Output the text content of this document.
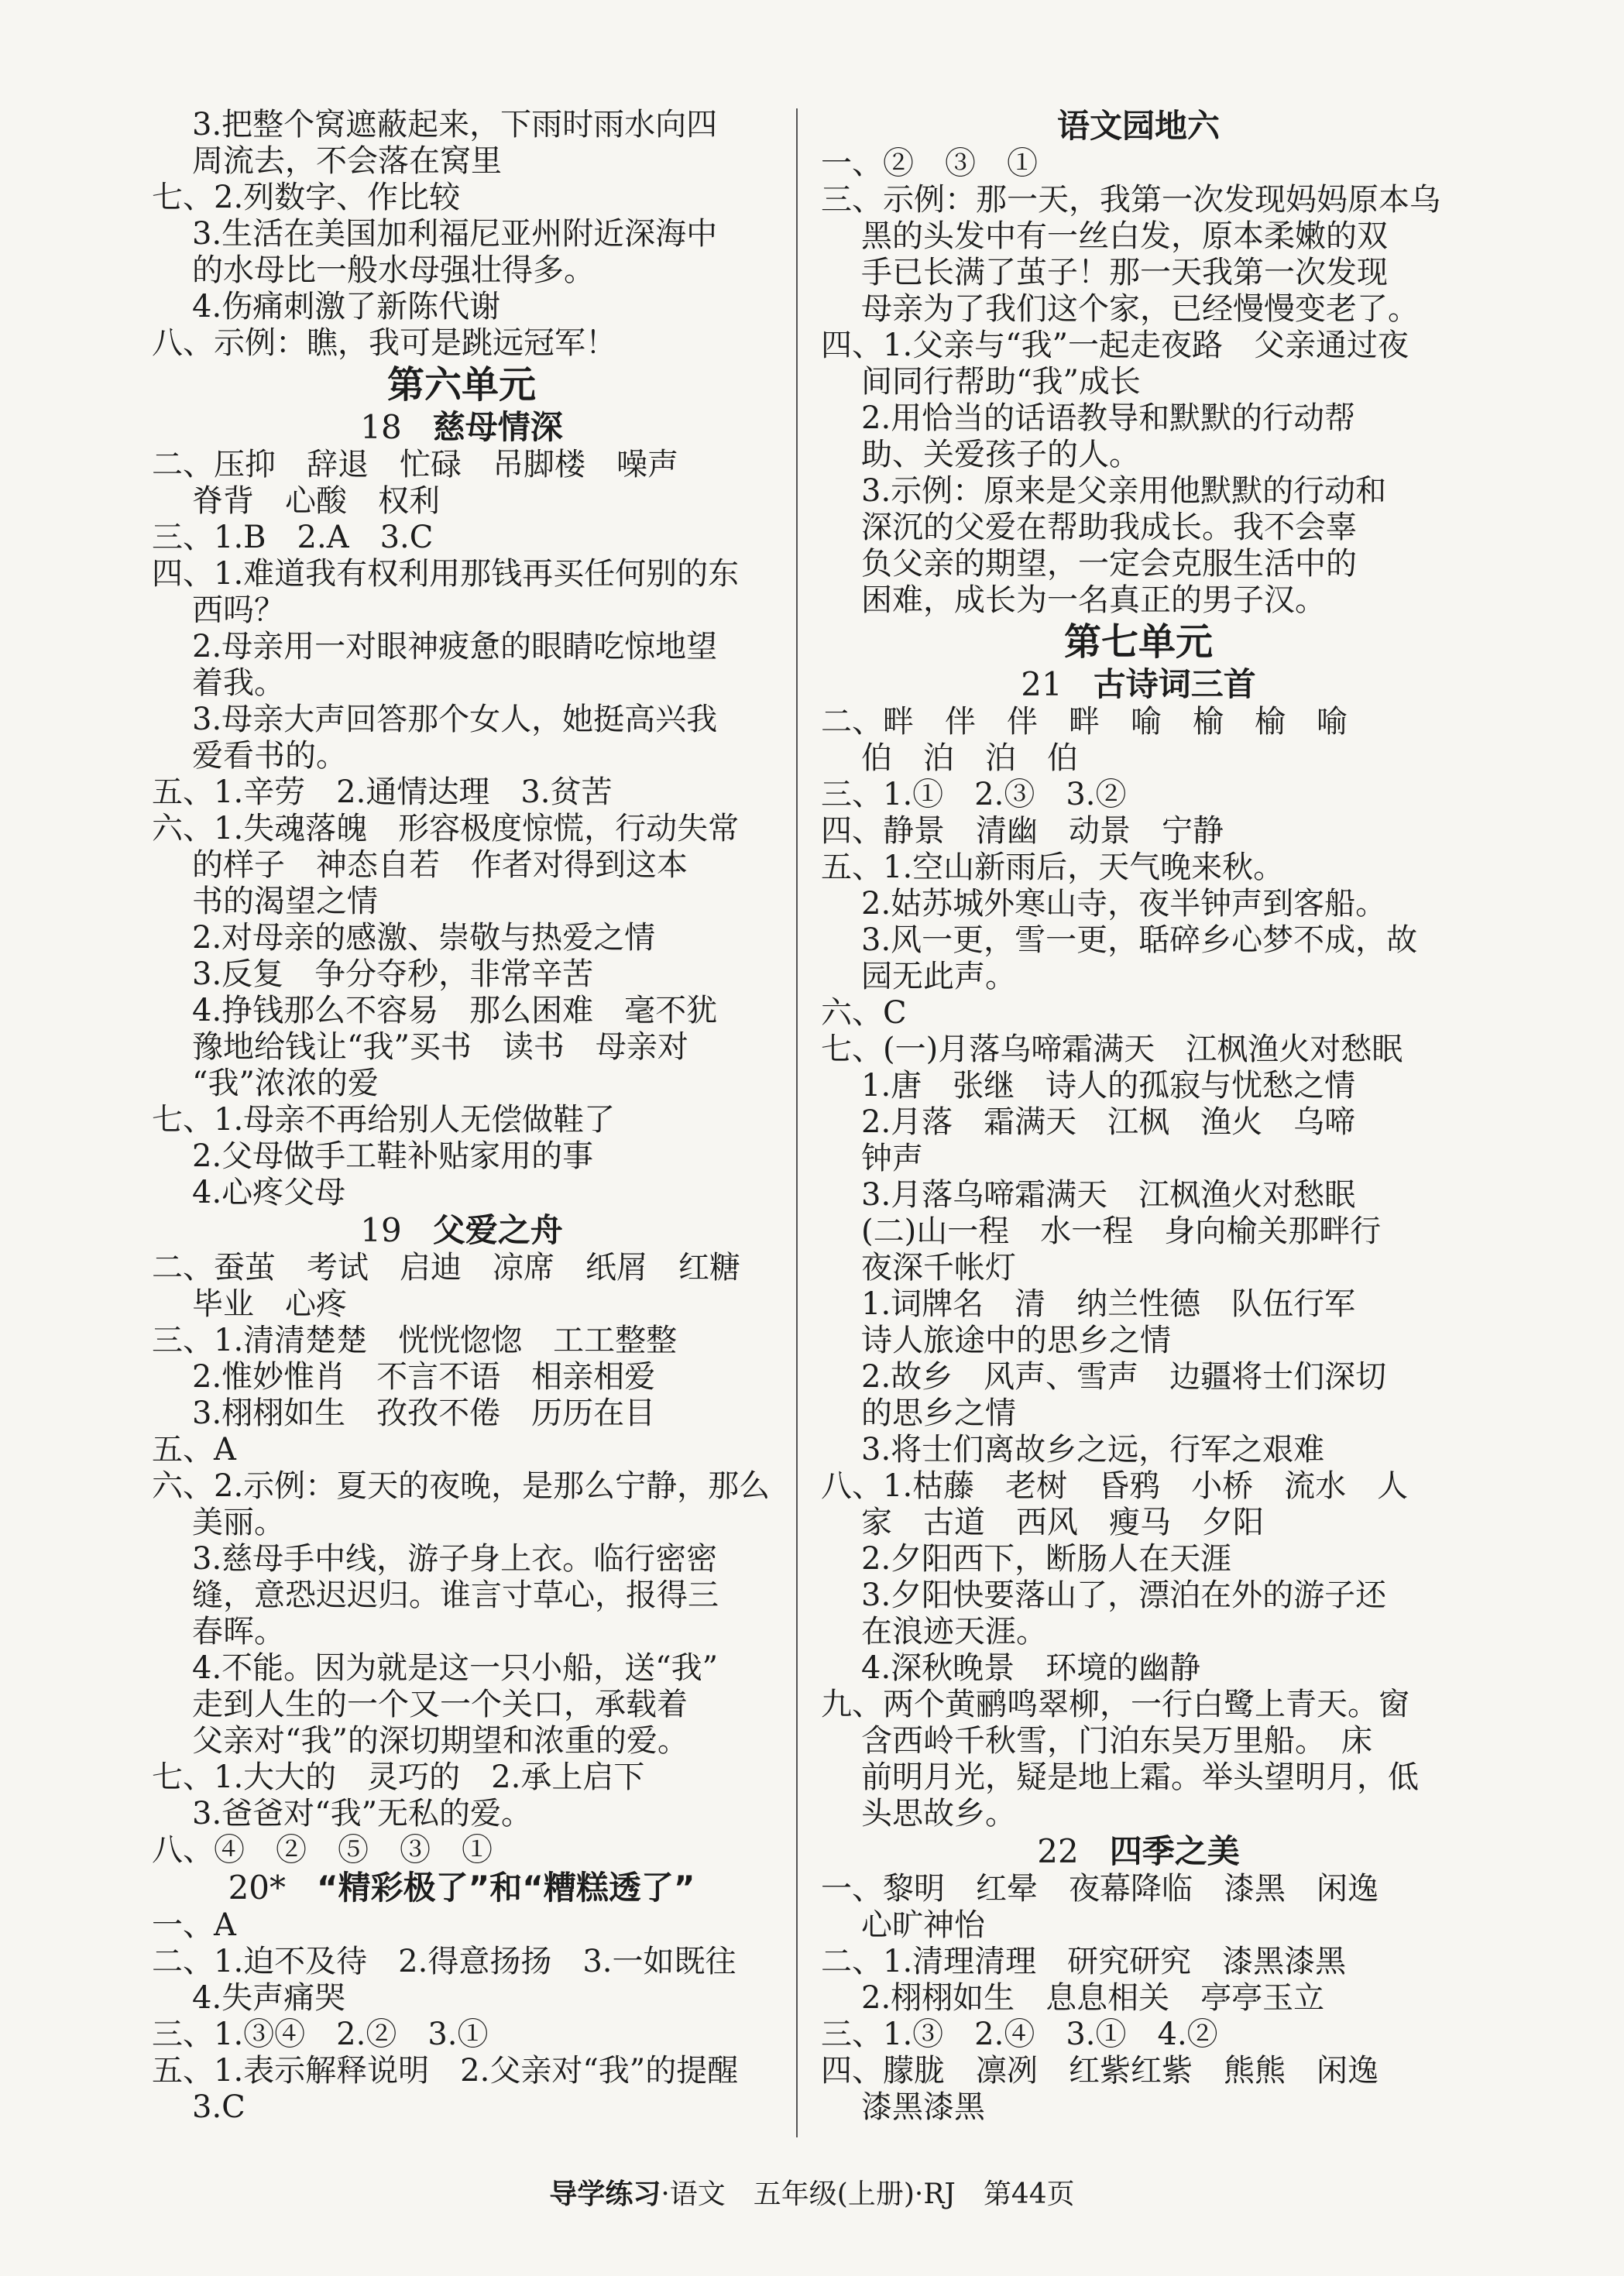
3.把整个窝遮蔽起来，下雨时雨水向四
周流去，不会落在窝里
七、2.列数字、作比较
3.生活在美国加利福尼亚州附近深海中
的水母比一般水母强壮得多。
4.伤痛刺激了新陈代谢
八、示例：瞧，我可是跳远冠军！
第六单元
18 慈母情深
二、压抑　辞退　忙碌　吊脚楼　噪声
脊背　心酸　权利
三、1.B　2.A　3.C
四、1.难道我有权利用那钱再买任何别的东
西吗？
2.母亲用一对眼神疲惫的眼睛吃惊地望
着我。
3.母亲大声回答那个女人，她挺高兴我
爱看书的。
五、1.辛劳　2.通情达理　3.贫苦
六、1.失魂落魄　形容极度惊慌，行动失常
的样子　神态自若　作者对得到这本
书的渴望之情
2.对母亲的感激、崇敬与热爱之情
3.反复　争分夺秒，非常辛苦
4.挣钱那么不容易　那么困难　毫不犹
豫地给钱让“我”买书　读书　母亲对
“我”浓浓的爱
七、1.母亲不再给别人无偿做鞋了
2.父母做手工鞋补贴家用的事
4.心疼父母
19 父爱之舟
二、蚕茧　考试　启迪　凉席　纸屑　红糖
毕业　心疼
三、1.清清楚楚　恍恍惚惚　工工整整
2.惟妙惟肖　不言不语　相亲相爱
3.栩栩如生　孜孜不倦　历历在目
五、A
六、2.示例：夏天的夜晚，是那么宁静，那么
美丽。
3.慈母手中线，游子身上衣。临行密密
缝，意恐迟迟归。谁言寸草心，报得三
春晖。
4.不能。因为就是这一只小船，送“我”
走到人生的一个又一个关口，承载着
父亲对“我”的深切期望和浓重的爱。
七、1.大大的　灵巧的　2.承上启下
3.爸爸对“我”无私的爱。
八、④　②　⑤　③　①
20* “精彩极了”和“糟糕透了”
一、A
二、1.迫不及待　2.得意扬扬　3.一如既往
4.失声痛哭
三、1.③④　2.②　3.①
五、1.表示解释说明　2.父亲对“我”的提醒
3.C
语文园地六
一、②　③　①
三、示例：那一天，我第一次发现妈妈原本乌
黑的头发中有一丝白发，原本柔嫩的双
手已长满了茧子！那一天我第一次发现
母亲为了我们这个家，已经慢慢变老了。
四、1.父亲与“我”一起走夜路　父亲通过夜
间同行帮助“我”成长
2.用恰当的话语教导和默默的行动帮
助、关爱孩子的人。
3.示例：原来是父亲用他默默的行动和
深沉的父爱在帮助我成长。我不会辜
负父亲的期望，一定会克服生活中的
困难，成长为一名真正的男子汉。
第七单元
21 古诗词三首
二、畔　伴　伴　畔　喻　榆　榆　喻
伯　泊　泊　伯
三、1.①　2.③　3.②
四、静景　清幽　动景　宁静
五、1.空山新雨后，天气晚来秋。
2.姑苏城外寒山寺，夜半钟声到客船。
3.风一更，雪一更，聒碎乡心梦不成，故
园无此声。
六、C
七、(一)月落乌啼霜满天　江枫渔火对愁眠
1.唐　张继　诗人的孤寂与忧愁之情
2.月落　霜满天　江枫　渔火　乌啼
钟声
3.月落乌啼霜满天　江枫渔火对愁眠
(二)山一程　水一程　身向榆关那畔行
夜深千帐灯
1.词牌名　清　纳兰性德　队伍行军
诗人旅途中的思乡之情
2.故乡　风声、雪声　边疆将士们深切
的思乡之情
3.将士们离故乡之远，行军之艰难
八、1.枯藤　老树　昏鸦　小桥　流水　人
家　古道　西风　瘦马　夕阳
2.夕阳西下，断肠人在天涯
3.夕阳快要落山了，漂泊在外的游子还
在浪迹天涯。
4.深秋晚景　环境的幽静
九、两个黄鹂鸣翠柳，一行白鹭上青天。窗
含西岭千秋雪，门泊东吴万里船。　床
前明月光，疑是地上霜。举头望明月，低
头思故乡。
22 四季之美
一、黎明　红晕　夜幕降临　漆黑　闲逸
心旷神怡
二、1.清理清理　研究研究　漆黑漆黑
2.栩栩如生　息息相关　亭亭玉立
三、1.③　2.④　3.①　4.②
四、朦胧　凛冽　红紫红紫　熊熊　闲逸
漆黑漆黑
导学练习·语文　五年级(上册)·RJ　第44页
